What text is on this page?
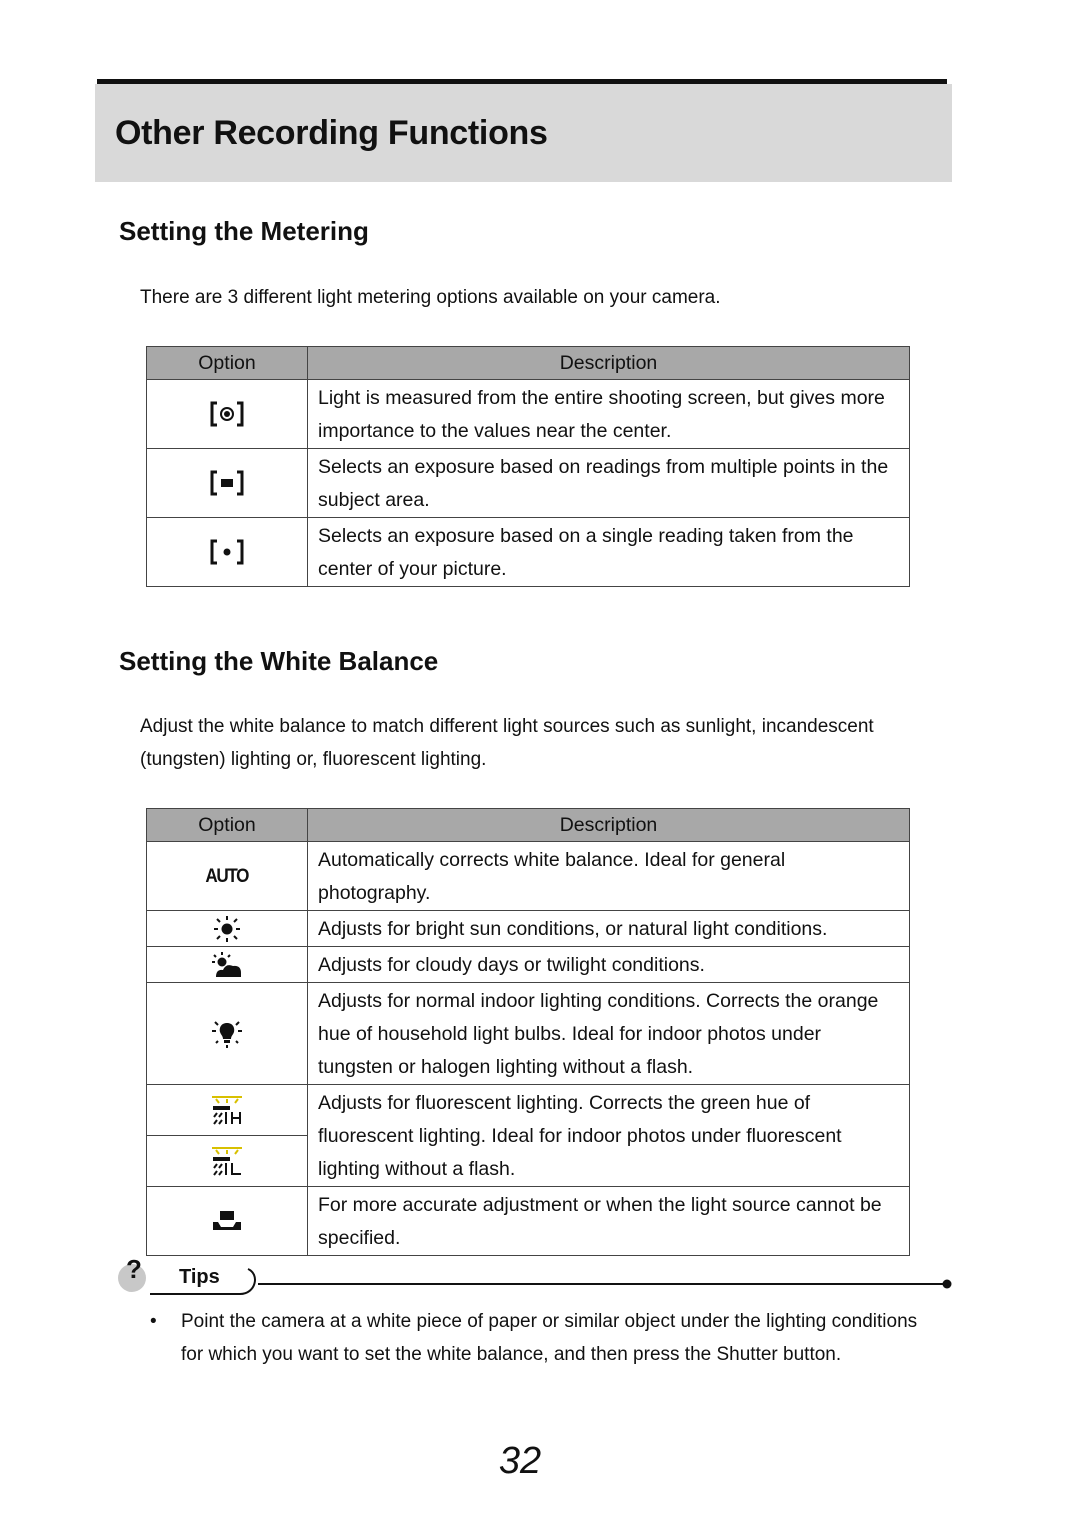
Other Recording Functions
Setting the Metering

There are 3 different light metering options available on your camera.

Option	Description
	Light is measured from the entire shooting screen, but gives more importance to the values near the center.
	Selects an exposure based on readings from multiple points in the subject area.
	Selects an exposure based on a single reading taken from the center of your picture.
Setting the White Balance

Adjust the white balance to match different light sources such as sunlight, incandescent (tungsten) lighting or, fluorescent lighting.

Option	Description
AUTO	Automatically corrects white balance. Ideal for general photography.
	Adjusts for bright sun conditions, or natural light conditions.
	Adjusts for cloudy days or twilight conditions.
	Adjusts for normal indoor lighting conditions. Corrects the orange hue of household light bulbs. Ideal for indoor photos under tungsten or halogen lighting without a flash.
	Adjusts for fluorescent lighting. Corrects the green hue of fluorescent lighting. Ideal for indoor photos under fluorescent lighting without a flash.

	For more accurate adjustment or when the light source cannot be specified.
? Tips
• Point the camera at a white piece of paper or similar object under the lighting conditions for which you want to set the white balance, and then press the Shutter button.

32
